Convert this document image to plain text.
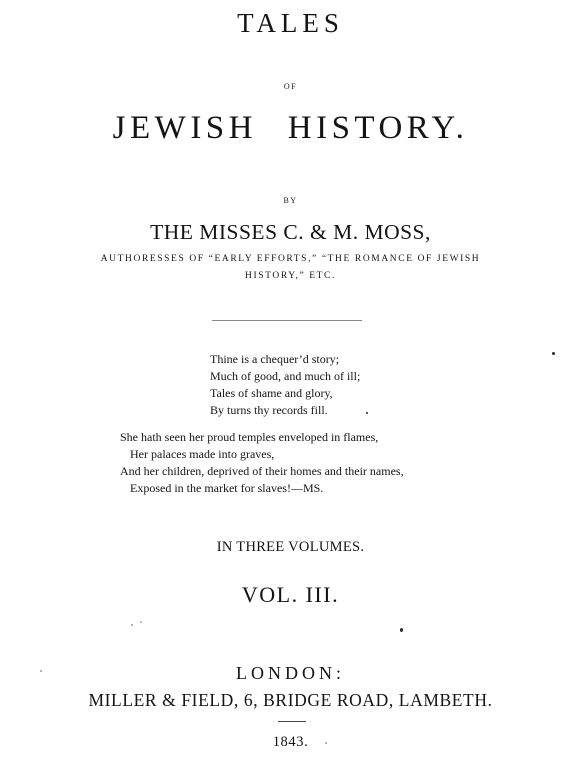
TALES
OF
JEWISH HISTORY.
BY
THE MISSES C. & M. MOSS,
AUTHORESSES OF “EARLY EFFORTS,” “THE ROMANCE OF JEWISH
HISTORY,” ETC.
Thine is a chequer’d story;
Much of good, and much of ill;
Tales of shame and glory,
By turns thy records fill.
She hath seen her proud temples enveloped in flames,
Her palaces made into graves,
And her children, deprived of their homes and their names,
Exposed in the market for slaves!—MS.
IN THREE VOLUMES.
VOL. III.
LONDON:
MILLER & FIELD, 6, BRIDGE ROAD, LAMBETH.
1843.
